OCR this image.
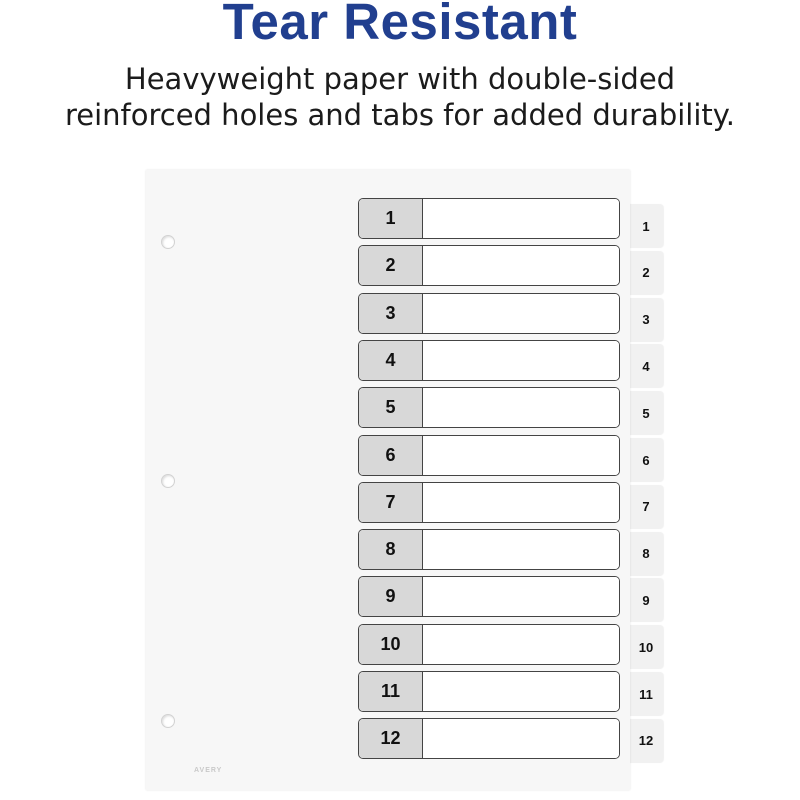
Tear Resistant
Heavyweight paper with double-sided
reinforced holes and tabs for added durability.
1
2
3
4
5
6
7
8
9
10
11
12
AVERY
1
2
3
4
5
6
7
8
9
10
11
12
